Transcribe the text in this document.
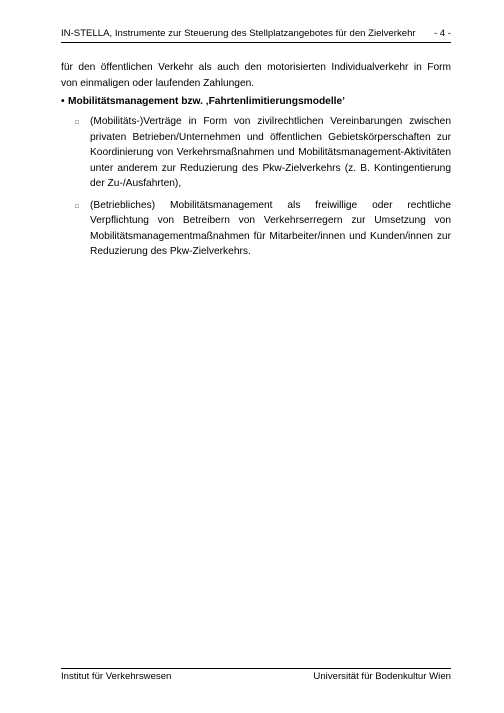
IN-STELLA, Instrumente zur Steuerung des Stellplatzangebotes für den Zielverkehr - 4 -

für den öffentlichen Verkehr als auch den motorisierten Individualverkehr in Form

von einmaligen oder laufenden Zahlungen.

• Mobilitätsmanagement bzw. ‚Fahrtenlimitierungsmodelle’
□	(Mobilitäts-)Verträge in Form von zivilrechtlichen Vereinbarungen zwischen privaten Betrieben/Unternehmen und öffentlichen Gebietskörperschaften zur Koordinierung von Verkehrsmaßnahmen und Mobilitätsmanagement-Aktivitäten unter anderem zur Reduzierung des Pkw-Zielverkehrs (z. B. Kontingentierung der Zu-/Ausfahrten),
□	(Betriebliches) Mobilitätsmanagement als freiwillige oder rechtliche Verpflichtung von Betreibern von Verkehrserregern zur Umsetzung von Mobilitätsmanagementmaßnahmen für Mitarbeiter/innen und Kunden/innen zur Reduzierung des Pkw-Zielverkehrs.
Institut für Verkehrswesen	Universität für Bodenkultur Wien
